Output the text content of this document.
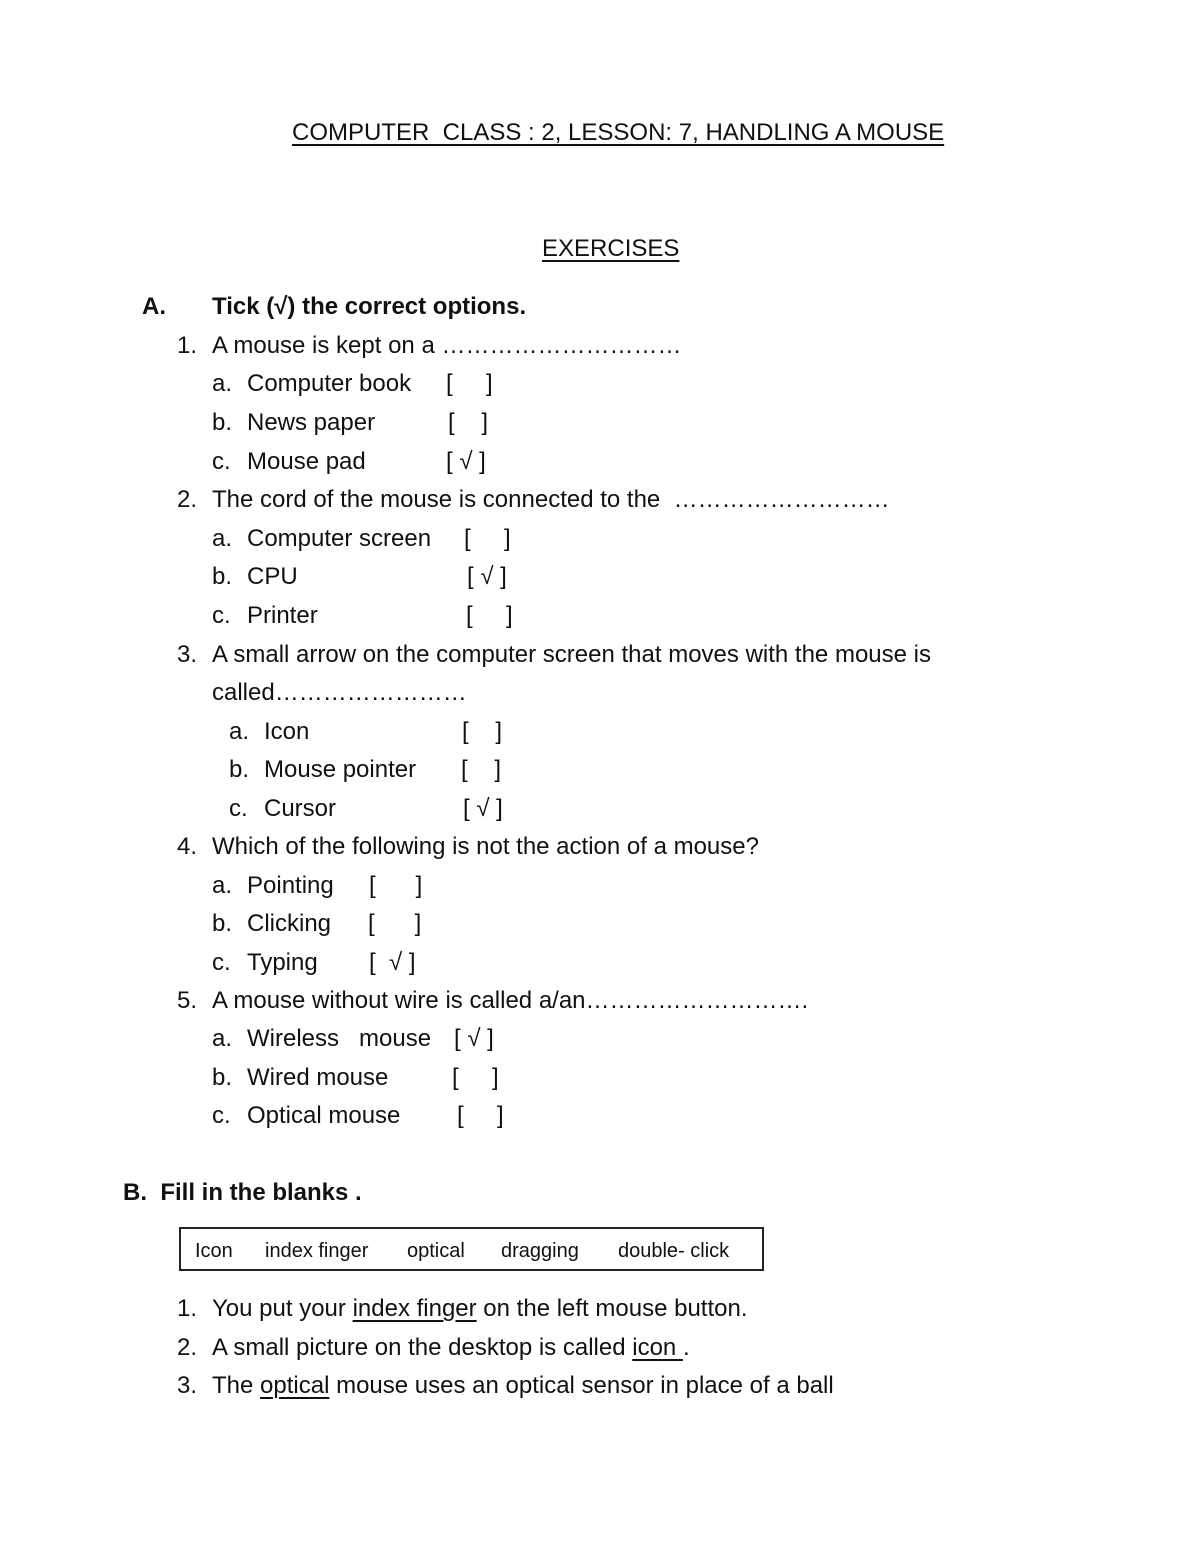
COMPUTER  CLASS : 2, LESSON: 7, HANDLING A MOUSE
EXERCISES
A. Tick (√) the correct options.
1. A mouse is kept on a …………………………
a. Computer book [     ]
b. News paper	[    ]
c. Mouse pad	[ √ ]
2. The cord of the mouse is connected to the  ………………………
a. Computer screen [     ]
b. CPU	[ √ ]
c. Printer	[     ]
3. A small arrow on the computer screen that moves with the mouse is
called……………………
a. Icon	[    ]
b. Mouse pointer [    ]
c. Cursor	[ √ ]
4. Which of the following is not the action of a mouse?
a. Pointing [      ]
b. Clicking [      ]
c. Typing [  √ ]
5. A mouse without wire is called a/an……………………….
a. Wireless   mouse [ √ ]
b. Wired mouse	[     ]
c. Optical mouse [     ]
B.  Fill in the blanks .
Icon index finger optical dragging double- click
1. You put your index finger on the left mouse button.
2. A small picture on the desktop is called icon .
3. The optical mouse uses an optical sensor in place of a ball
